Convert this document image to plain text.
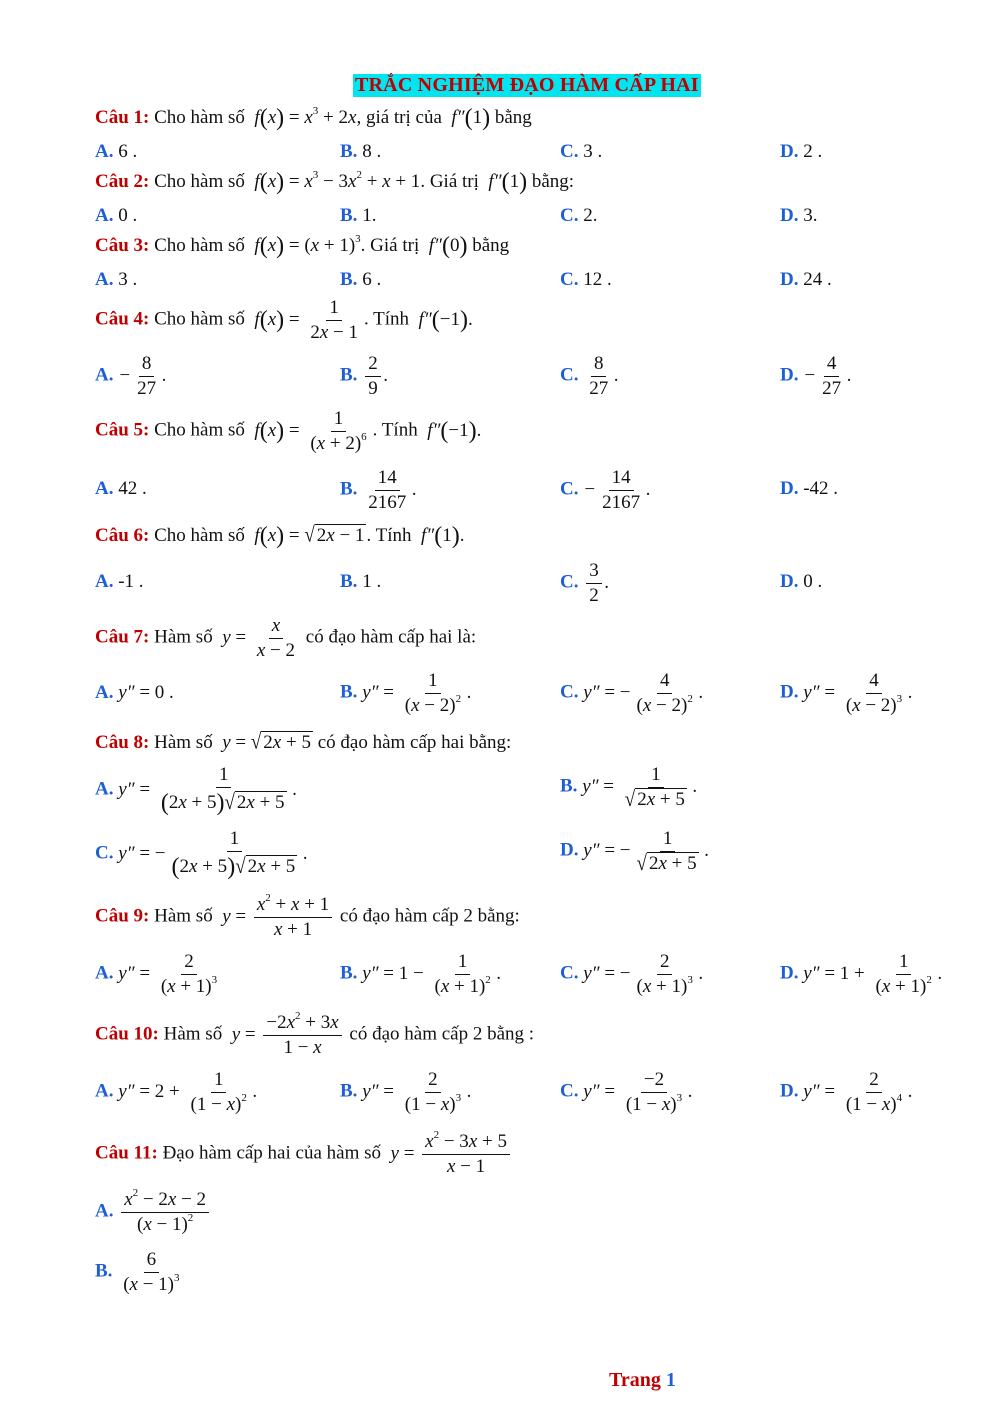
TRẮC NGHIỆM ĐẠO HÀM CẤP HAI
Câu 1: Cho hàm số  $f(x) = x^3 + 2x$, giá trị của  f″(1) bằng
A. 6 .	B. 8 .	C. 3 .	D. 2 .
Câu 2: Cho hàm số  $f(x) = x^3 - 3x^2 + x + 1$. Giá trị  f″(1) bằng:
A. 0 .	B. 1.	C. 2.	D. 3.
Câu 3: Cho hàm số  $f(x) = (x + 1)^3$. Giá trị  f″(0) bằng
A. 3 .	B. 6 .	C. 12 .	D. 24 .
Câu 4: Cho hàm số  $f(x) = \frac{1}{2x - 1}$ . Tính  f″(−1).
A. − $\frac{8}{27}$ .	B. $\frac{2}{9}$ .	C. $\frac{8}{27}$ .	D. − $\frac{4}{27}$ .
Câu 5: Cho hàm số  $f(x) = \frac{1}{(x + 2)^6}$ . Tính  f″(−1).
A. 42 .	B. $\frac{14}{2167}$ .	C. − $\frac{14}{2167}$ .	D. -42 .
Câu 6: Cho hàm số  f(x) = √ 2x − 1 . Tính  f″(1).
A. -1 .	B. 1 .	C. $\frac{3}{2}$ .	D. 0 .
Câu 7: Hàm số  $y = \frac{x}{x - 2}$ có đạo hàm cấp hai là:
A. y″ = 0 .	B. $y'' = \frac{1}{(x - 2)^2}$ .	C. y″ = − $\frac{4}{(x - 2)^2}$ .	D. $y'' = \frac{4}{(x - 2)^3}$ .
Câu 8: Hàm số  y = √ 2x + 5 có đạo hàm cấp hai bằng:
A. $y'' = \frac{1}{(2x + 5)√ 2x + 5}$ .	B. $y'' = \frac{1}{√ 2x + 5}$ .
C. y″ = − $\frac{1}{(2x + 5)√ 2x + 5}$ .	D. y″ = − $\frac{1}{√ 2x + 5}$ .
Câu 9: Hàm số  $y = \frac{x^2 + x + 1}{x + 1}$ có đạo hàm cấp 2 bằng:
A. $y'' = \frac{2}{(x + 1)^3}$	B. $y'' = 1 - \frac{1}{(x + 1)^2}$ .	C. y″ = − $\frac{2}{(x + 1)^3}$ .	D. $y'' = 1 + \frac{1}{(x + 1)^2}$ .
Câu 10: Hàm số  $y = \frac{-2x^2 + 3x}{1 - x}$ có đạo hàm cấp 2 bằng :
A. $y'' = 2 + \frac{1}{(1 - x)^2}$ .	B. $y'' = \frac{2}{(1 - x)^3}$ .	C. $y'' = \frac{-2}{(1 - x)^3}$ .	D. $y'' = \frac{2}{(1 - x)^4}$ .
Câu 11: Đạo hàm cấp hai của hàm số  $y = \frac{x^2 - 3x + 5}{x - 1}$
A. $\frac{x^2 - 2x - 2}{(x - 1)^2}$
B. $\frac{6}{(x - 1)^3}$
Trang 1
